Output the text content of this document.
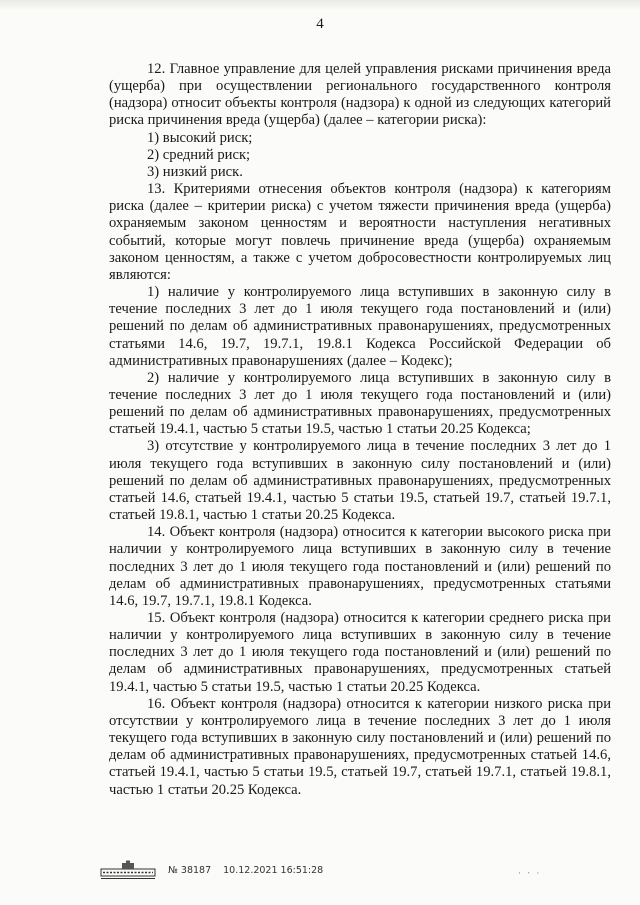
4

12. Главное управление для целей управления рисками причинения вреда (ущерба) при осуществлении регионального государственного контроля (надзора) относит объекты контроля (надзора) к одной из следующих категорий риска причинения вреда (ущерба) (далее – категории риска):

1) высокий риск;

2) средний риск;

3) низкий риск.

13. Критериями отнесения объектов контроля (надзора) к категориям риска (далее – критерии риска) с учетом тяжести причинения вреда (ущерба) охраняемым законом ценностям и вероятности наступления негативных событий, которые могут повлечь причинение вреда (ущерба) охраняемым законом ценностям, а также с учетом добросовестности контролируемых лиц являются:

1) наличие у контролируемого лица вступивших в законную силу в течение последних 3 лет до 1 июля текущего года постановлений и (или) решений по делам об административных правонарушениях, предусмотренных статьями 14.6, 19.7, 19.7.1, 19.8.1 Кодекса Российской Федерации об административных правонарушениях (далее – Кодекс);

2) наличие у контролируемого лица вступивших в законную силу в течение последних 3 лет до 1 июля текущего года постановлений и (или) решений по делам об административных правонарушениях, предусмотренных статьей 19.4.1, частью 5 статьи 19.5, частью 1 статьи 20.25 Кодекса;

3) отсутствие у контролируемого лица в течение последних 3 лет до 1 июля текущего года вступивших в законную силу постановлений и (или) решений по делам об административных правонарушениях, предусмотренных статьей 14.6, статьей 19.4.1, частью 5 статьи 19.5, статьей 19.7, статьей 19.7.1, статьей 19.8.1, частью 1 статьи 20.25 Кодекса.

14. Объект контроля (надзора) относится к категории высокого риска при наличии у контролируемого лица вступивших в законную силу в течение последних 3 лет до 1 июля текущего года постановлений и (или) решений по делам об административных правонарушениях, предусмотренных статьями 14.6, 19.7, 19.7.1, 19.8.1 Кодекса.

15. Объект контроля (надзора) относится к категории среднего риска при наличии у контролируемого лица вступивших в законную силу в течение последних 3 лет до 1 июля текущего года постановлений и (или) решений по делам об административных правонарушениях, предусмотренных статьей 19.4.1, частью 5 статьи 19.5, частью 1 статьи 20.25 Кодекса.

16. Объект контроля (надзора) относится к категории низкого риска при отсутствии у контролируемого лица в течение последних 3 лет до 1 июля текущего года вступивших в законную силу постановлений и (или) решений по делам об административных правонарушениях, предусмотренных статьей 14.6, статьей 19.4.1, частью 5 статьи 19.5, статьей 19.7, статьей 19.7.1, статьей 19.8.1, частью 1 статьи 20.25 Кодекса.

№ 38187 10.12.2021 16:51:28	· ‧ ·
